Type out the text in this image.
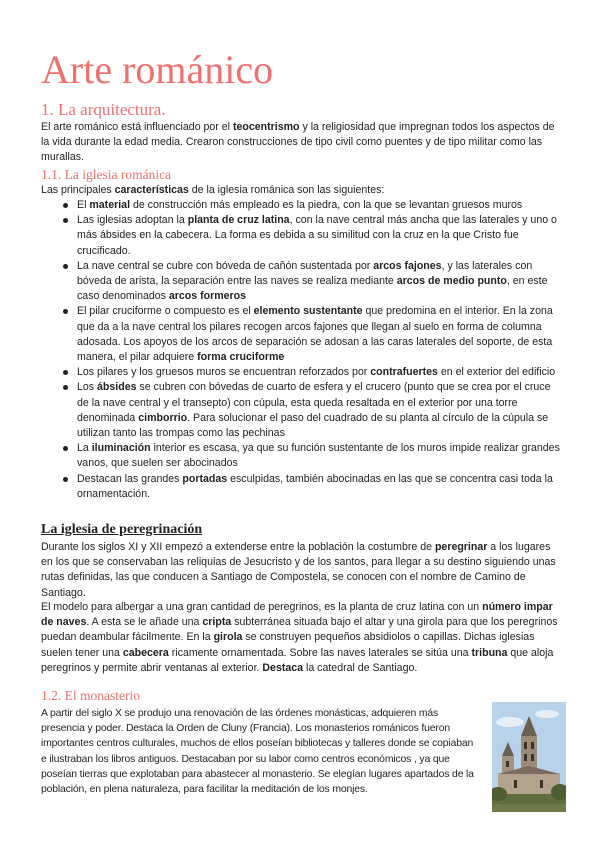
Arte románico
1. La arquitectura.

El arte románico está influenciado por el teocentrismo y la religiosidad que impregnan todos los aspectos de la vida durante la edad media. Crearon construcciones de tipo civil como puentes y de tipo militar como las murallas.

1.1. La iglesia románica

Las principales características de la iglesia románica son las siguientes:

El material de construcción más empleado es la piedra, con la que se levantan gruesos muros
Las iglesias adoptan la planta de cruz latina, con la nave central más ancha que las laterales y uno o más ábsides en la cabecera. La forma es debida a su similitud con la cruz en la que Cristo fue crucificado.
La nave central se cubre con bóveda de cañón sustentada por arcos fajones, y las laterales con bóveda de arista, la separación entre las naves se realiza mediante arcos de medio punto, en este caso denominados arcos formeros
El pilar cruciforme o compuesto es el elemento sustentante que predomina en el interior. En la zona que da a la nave central los pilares recogen arcos fajones que llegan al suelo en forma de columna adosada. Los apoyos de los arcos de separación se adosan a las caras laterales del soporte, de esta manera, el pilar adquiere forma cruciforme
Los pilares y los gruesos muros se encuentran reforzados por contrafuertes en el exterior del edificio
Los ábsides se cubren con bóvedas de cuarto de esfera y el crucero (punto que se crea por el cruce de la nave central y el transepto) con cúpula, esta queda resaltada en el exterior por una torre denominada cimborrio. Para solucionar el paso del cuadrado de su planta al círculo de la cúpula se utilizan tanto las trompas como las pechinas
La iluminación interior es escasa, ya que su función sustentante de los muros impide realizar grandes vanos, que suelen ser abocinados
Destacan las grandes portadas esculpidas, también abocinadas en las que se concentra casi toda la ornamentación.
La iglesia de peregrinación

Durante los siglos XI y XII empezó a extenderse entre la población la costumbre de peregrinar a los lugares en los que se conservaban las reliquias de Jesucristo y de los santos, para llegar a su destino siguiendo unas rutas definidas, las que conducen a Santiago de Compostela, se conocen con el nombre de Camino de Santiago.

El modelo para albergar a una gran cantidad de peregrinos, es la planta de cruz latina con un número impar de naves. A esta se le añade una cripta subterránea situada bajo el altar y una girola para que los peregrinos puedan deambular fácilmente. En la girola se construyen pequeños absidiolos o capillas. Dichas iglesias suelen tener una cabecera ricamente ornamentada. Sobre las naves laterales se sitúa una tribuna que aloja peregrinos y permite abrir ventanas al exterior. Destaca la catedral de Santiago.

1.2. El monasterio

A partir del siglo X se produjo una renovación de las órdenes monásticas, adquieren más presencia y poder. Destaca la Orden de Cluny (Francia). Los monasterios románicos fueron importantes centros culturales, muchos de ellos poseían bibliotecas y talleres donde se copiaban e ilustraban los libros antiguos. Destacaban por su labor como centros económicos , ya que poseían tierras que explotaban para abastecer al monasterio. Se elegían lugares apartados de la población, en plena naturaleza, para facilitar la meditación de los monjes.
